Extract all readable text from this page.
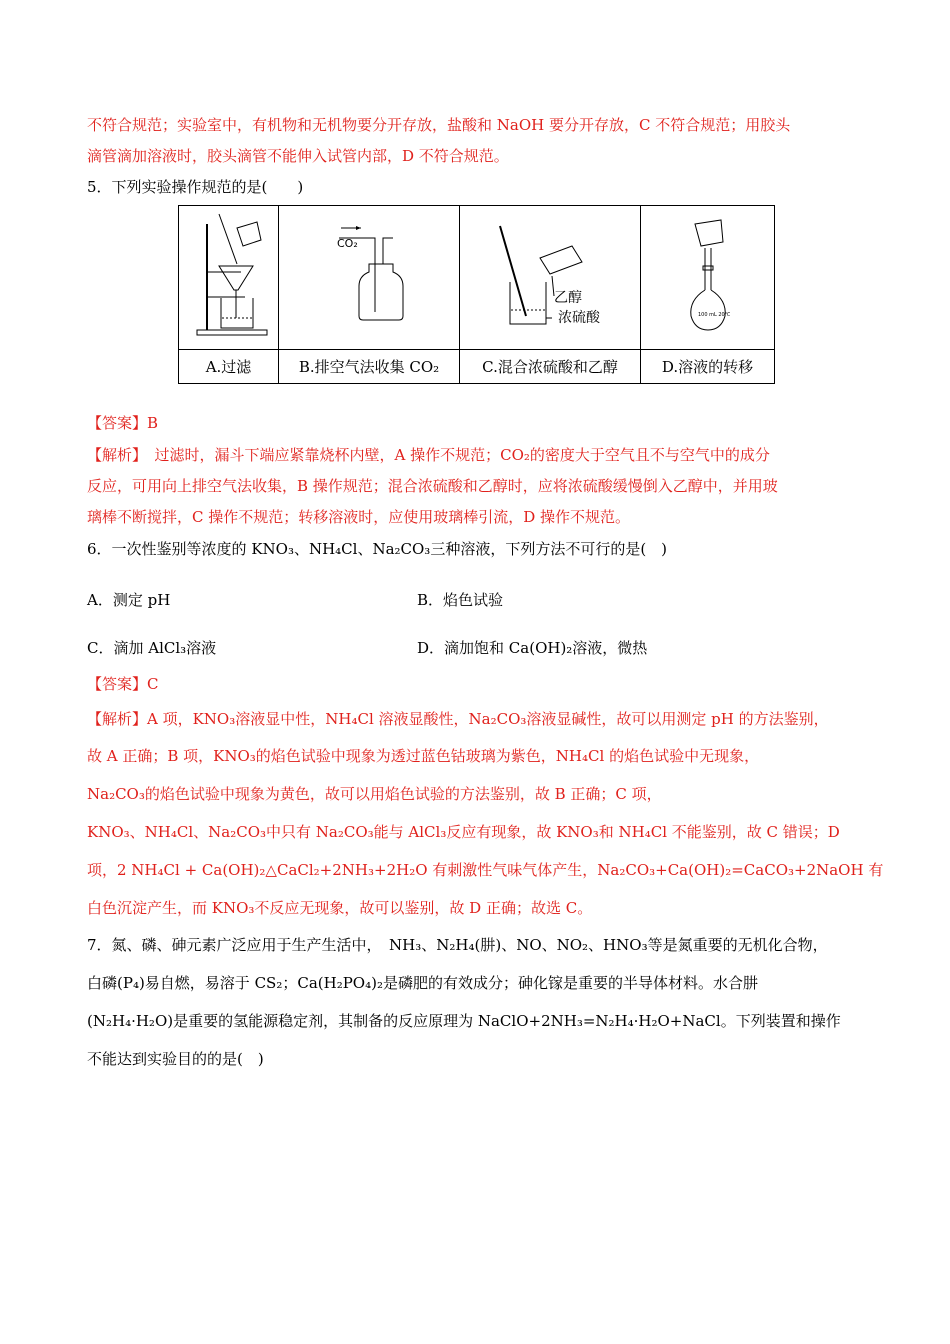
不符合规范；实验室中，有机物和无机物要分开存放，盐酸和 NaOH 要分开存放，C 不符合规范；用胶头
滴管滴加溶液时，胶头滴管不能伸入试管内部，D 不符合规范。
5．下列实验操作规范的是(　　)

CO₂	乙醇
浓硫酸	100 mL 20℃

A.过滤	B.排空气法收集 CO₂	C.混合浓硫酸和乙醇	D.溶液的转移
【答案】B
【解析】　过滤时，漏斗下端应紧靠烧杯内壁，A 操作不规范；CO₂的密度大于空气且不与空气中的成分
反应，可用向上排空气法收集，B 操作规范；混合浓硫酸和乙醇时，应将浓硫酸缓慢倒入乙醇中，并用玻
璃棒不断搅拌，C 操作不规范；转移溶液时，应使用玻璃棒引流，D 操作不规范。
6．一次性鉴别等浓度的 KNO₃、NH₄Cl、Na₂CO₃三种溶液，下列方法不可行的是(　)
A．测定 pH	B．焰色试验
C．滴加 AlCl₃溶液	D．滴加饱和 Ca(OH)₂溶液，微热
【答案】C
【解析】A 项，KNO₃溶液显中性，NH₄Cl 溶液显酸性，Na₂CO₃溶液显碱性，故可以用测定 pH 的方法鉴别，
故 A 正确；B 项，KNO₃的焰色试验中现象为透过蓝色钴玻璃为紫色，NH₄Cl 的焰色试验中无现象，
Na₂CO₃的焰色试验中现象为黄色，故可以用焰色试验的方法鉴别，故 B 正确；C 项，
KNO₃、NH₄Cl、Na₂CO₃中只有 Na₂CO₃能与 AlCl₃反应有现象，故 KNO₃和 NH₄Cl 不能鉴别，故 C 错误；D
项，2 NH₄Cl + Ca(OH)₂△CaCl₂+2NH₃+2H₂O 有刺激性气味气体产生，Na₂CO₃+Ca(OH)₂=CaCO₃+2NaOH 有
白色沉淀产生，而 KNO₃不反应无现象，故可以鉴别，故 D 正确；故选 C。
7．氮、磷、砷元素广泛应用于生产生活中，　NH₃、N₂H₄(肼)、NO、NO₂、HNO₃等是氮重要的无机化合物，
白磷(P₄)易自燃，易溶于 CS₂；Ca(H₂PO₄)₂是磷肥的有效成分；砷化镓是重要的半导体材料。水合肼
(N₂H₄·H₂O)是重要的氢能源稳定剂，其制备的反应原理为 NaClO+2NH₃=N₂H₄·H₂O+NaCl。下列装置和操作
不能达到实验目的的是(　)
